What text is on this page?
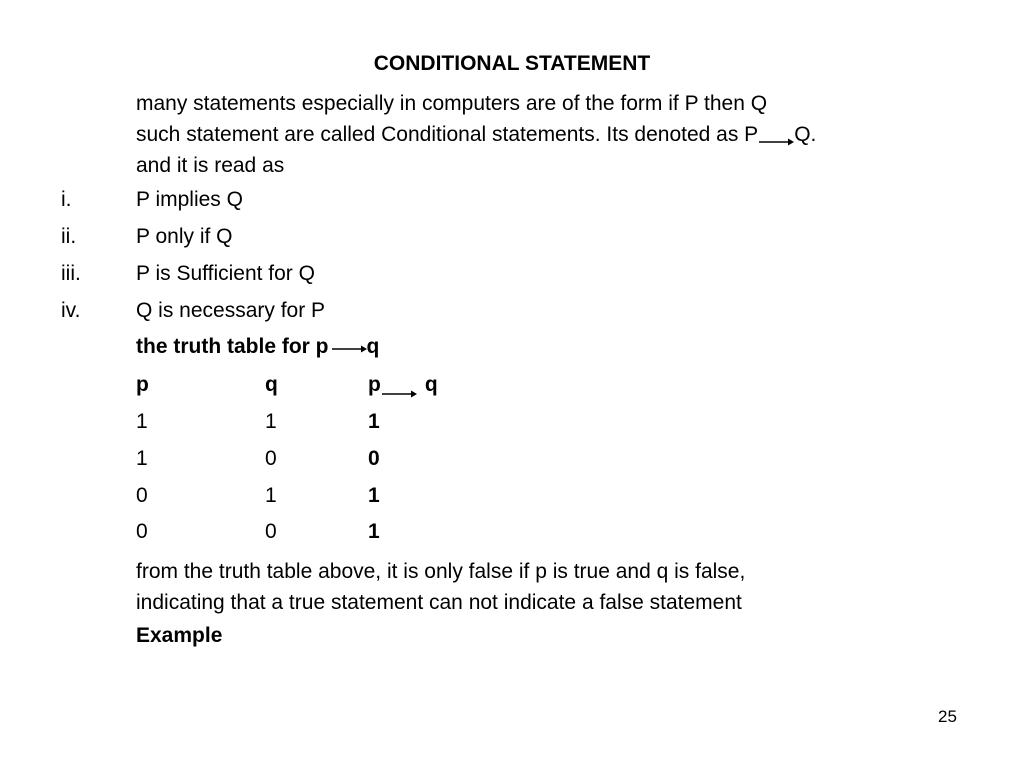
CONDITIONAL STATEMENT
many statements especially in computers are of the form if P then Q
such statement are called Conditional statements. Its denoted as P Q.
and it is read as
i.	P implies Q
ii.	P only if Q
iii.	P is Sufficient for Q
iv.	Q is necessary for P
the truth table for p q
p	q	p q
1	1	1
1	0	0
0	1	1
0	0	1
from the truth table above, it is only false if p is true and q is false,
indicating that a true statement can not indicate a false statement
Example
25
